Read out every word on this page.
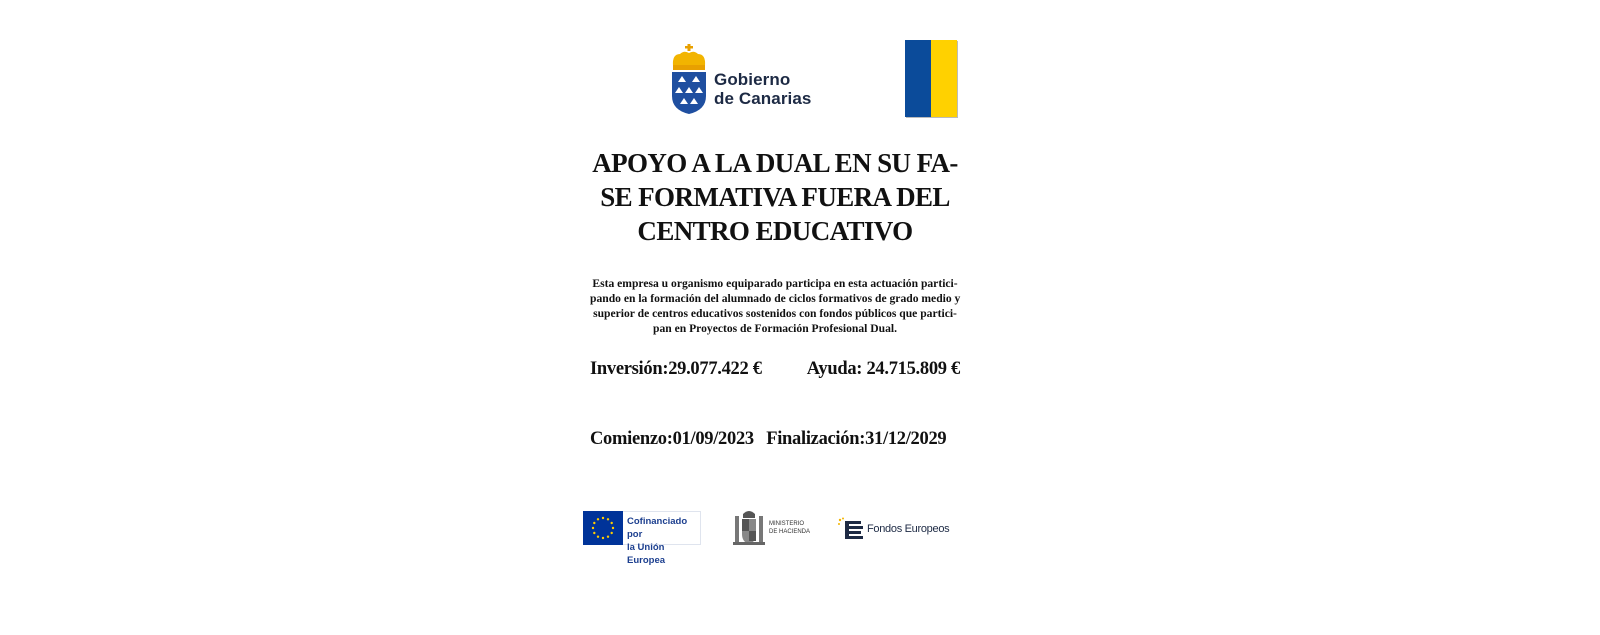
Gobierno
de Canarias
APOYO A LA DUAL EN SU FA-
SE FORMATIVA FUERA DEL
CENTRO EDUCATIVO
Esta empresa u organismo equiparado participa en esta actuación partici-
pando en la formación del alumnado de ciclos formativos de grado medio y
superior de centros educativos sostenidos con fondos públicos que partici-
pan en Proyectos de Formación Profesional Dual.
Inversión:29.077.422 € Ayuda: 24.715.809 €
Comienzo:01/09/2023 Finalización:31/12/2029
Cofinanciado por
la Unión Europea
MINISTERIO
DE HACIENDA	Fondos Europeos
